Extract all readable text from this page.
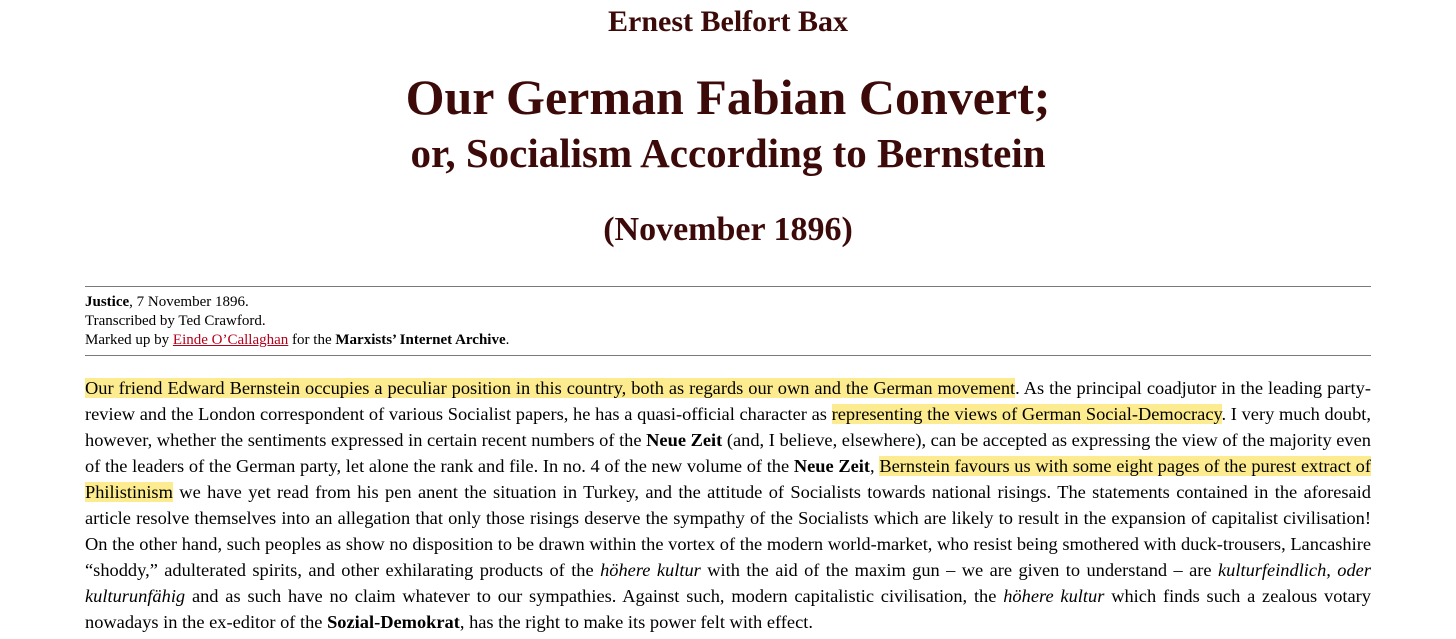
Ernest Belfort Bax
Our German Fabian Convert;
or, Socialism According to Bernstein
(November 1896)
Justice, 7 November 1896.
Transcribed by Ted Crawford.
Marked up by Einde O’Callaghan for the Marxists’ Internet Archive.

Our friend Edward Bernstein occupies a peculiar position in this country, both as regards our own and the German movement. As the principal coadjutor in the leading party-review and the London correspondent of various Socialist papers, he has a quasi-official character as representing the views of German Social-Democracy. I very much doubt, however, whether the sentiments expressed in certain recent numbers of the Neue Zeit (and, I believe, elsewhere), can be accepted as expressing the view of the majority even of the leaders of the German party, let alone the rank and file. In no. 4 of the new volume of the Neue Zeit, Bernstein favours us with some eight pages of the purest extract of Philistinism we have yet read from his pen anent the situation in Turkey, and the attitude of Socialists towards national risings. The statements contained in the aforesaid article resolve themselves into an allegation that only those risings deserve the sympathy of the Socialists which are likely to result in the expansion of capitalist civilisation! On the other hand, such peoples as show no disposition to be drawn within the vortex of the modern world-market, who resist being smothered with duck-trousers, Lancashire “shoddy,” adulterated spirits, and other exhilarating products of the höhere kultur with the aid of the maxim gun – we are given to understand – are kulturfeindlich, oder kulturunfähig and as such have no claim whatever to our sympathies. Against such, modern capitalistic civilisation, the höhere kultur which finds such a zealous votary nowadays in the ex-editor of the Sozial-Demokrat, has the right to make its power felt with effect.
